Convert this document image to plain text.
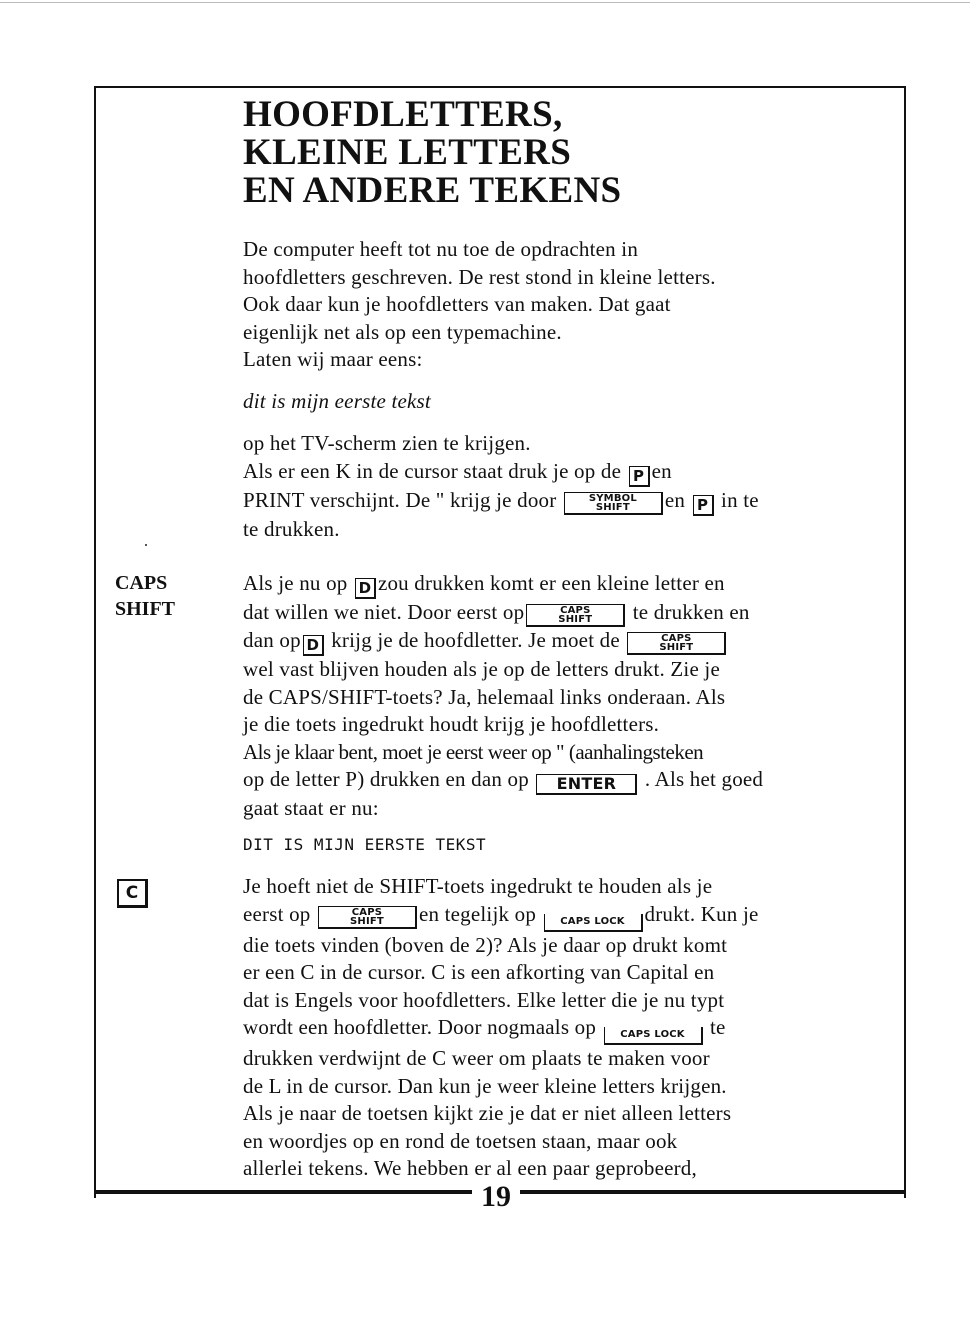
19
HOOFDLETTERS,
KLEINE LETTERS
EN ANDERE TEKENS

De computer heeft tot nu toe de opdrachten in
hoofdletters geschreven. De rest stond in kleine letters.
Ook daar kun je hoofdletters van maken. Dat gaat
eigenlijk net als op een typemachine.
Laten wij maar eens:

dit is mijn eerste tekst

op het TV-scherm zien te krijgen.
Als er een K in de cursor staat druk je op de P en
PRINT verschijnt. De " krijg je door	SYMBOL
SHIFT	en P in te
te drukken.

CAPS
SHIFT

Als je nu op D zou drukken komt er een kleine letter en
dat willen we niet. Door eerst op	CAPS
SHIFT	te drukken en
dan op D krijg je de hoofdletter. Je moet de	CAPS
SHIFT
wel vast blijven houden als je op de letters drukt. Zie je
de CAPS/SHIFT-toets? Ja, helemaal links onderaan. Als
je die toets ingedrukt houdt krijg je hoofdletters.
Als je klaar bent, moet je eerst weer op " (aanhalingsteken
op de letter P) drukken en dan op ENTER . Als het goed
gaat staat er nu:

DIT IS MIJN EERSTE TEKST

C	Je hoeft niet de SHIFT-toets ingedrukt te houden als je
eerst op	CAPS
SHIFT	en tegelijk op CAPS LOCK drukt. Kun je
die toets vinden (boven de 2)? Als je daar op drukt komt
er een C in de cursor. C is een afkorting van Capital en
dat is Engels voor hoofdletters. Elke letter die je nu typt
wordt een hoofdletter. Door nogmaals op CAPS LOCK te
drukken verdwijnt de C weer om plaats te maken voor
de L in de cursor. Dan kun je weer kleine letters krijgen.
Als je naar de toetsen kijkt zie je dat er niet alleen letters
en woordjes op en rond de toetsen staan, maar ook
allerlei tekens. We hebben er al een paar geprobeerd,
